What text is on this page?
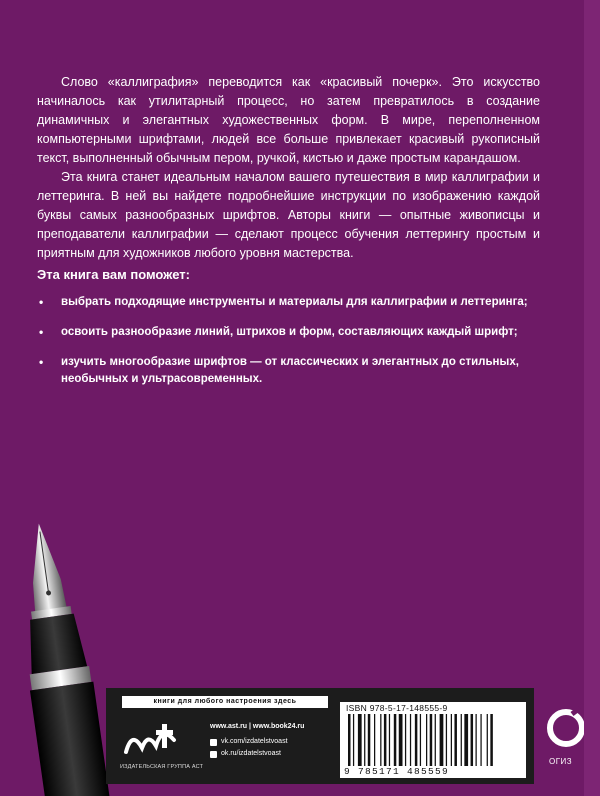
Слово «каллиграфия» переводится как «красивый почерк». Это искусство начиналось как утилитарный процесс, но затем превратилось в создание динамичных и элегантных художественных форм. В мире, переполненном компьютерными шрифтами, людей все больше привлекает красивый рукописный текст, выполненный обычным пером, ручкой, кистью и даже простым карандашом.

Эта книга станет идеальным началом вашего путешествия в мир каллиграфии и леттеринга. В ней вы найдете подробнейшие инструкции по изображению каждой буквы самых разнообразных шрифтов. Авторы книги — опытные живописцы и преподаватели каллиграфии — сделают процесс обучения леттерингу простым и приятным для художников любого уровня мастерства.

Эта книга вам поможет:
• выбрать подходящие инструменты и материалы для каллиграфии и леттеринга;
• освоить разнообразие линий, штрихов и форм, составляющих каждый шрифт;
• изучить многообразие шрифтов — от классических и элегантных до стильных, необычных и ультрасовременных.
книги для любого настроения здесь
ИЗДАТЕЛЬСКАЯ ГРУППА АСТ
www.ast.ru | www.book24.ru
vk.com/izdatelstvoast
ok.ru/izdatelstvoast
ISBN 978-5-17-148555-9
9 785171 485559
ОГИЗ
